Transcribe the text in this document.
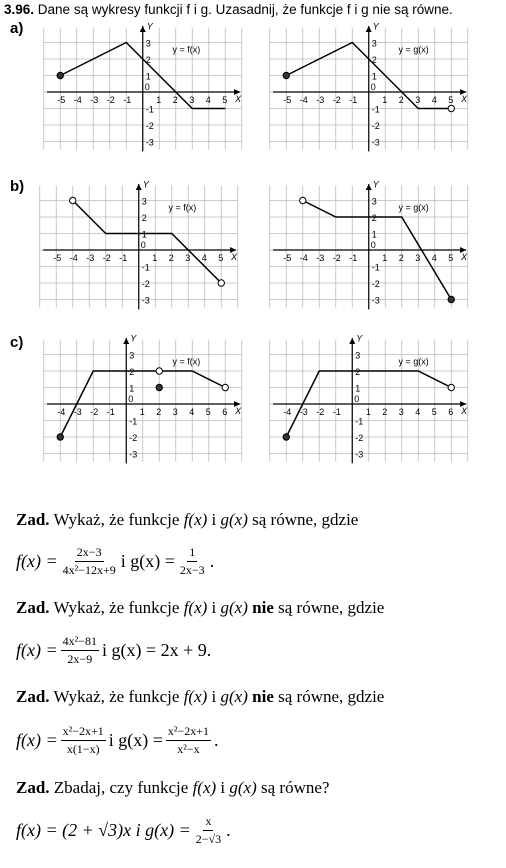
3.96. Dane są wykresy funkcji f i g. Uzasadnij, że funkcje f i g nie są równe.
a)
b)
c)
X
Y
-5 -4 -3 -2 -1
0
1 2 3 4 5
3
2
1
-1
-2
-3
y = f(x)
X
Y
-5 -4 -3 -2 -1
0
1 2 3 4 5
3
2
1
-1
-2
-3
y = g(x)
X
Y
-5 -4 -3 -2 -1
0
1 2 3 4 5
3
2
1
-1
-2
-3
y = f(x)
X
Y
-5 -4 -3 -2 -1
0
1 2 3 4 5
3
2
1
-1
-2
-3
y = g(x)
X
Y
-4 -3 -2 -1
0
1 2 3 4 5 6
3
2
1
-1
-2
-3
y = f(x)
X
Y
-4 -3 -2 -1
0
1 2 3 4 5 6
3
2
1
-1
-2
-3
y = g(x)
Zad. Wykaż, że funkcje f(x) i g(x) są równe, gdzie
$f(x) = \frac{2x-3}{\text{4x²−12x+9}}$ i $g(x) = \frac{1}{2x-3}$ .
Zad. Wykaż, że funkcje f(x) i g(x) nie są równe, gdzie
$f(x) = \frac{\text{4x²−81}}{2x-9}$ i g(x) = 2x + 9.
Zad. Wykaż, że funkcje f(x) i g(x) nie są równe, gdzie
$f(x) = \frac{\text{x²−2x+1}}{x(1-x)}$ i $g(x) = \frac{\text{x²−2x+1}}{\text{x²−x}}$ .
Zad. Zbadaj, czy funkcje f(x) i g(x) są równe?
f(x) = (2 + √3)x i $g(x) = \frac{x}{2-√3}$ .
